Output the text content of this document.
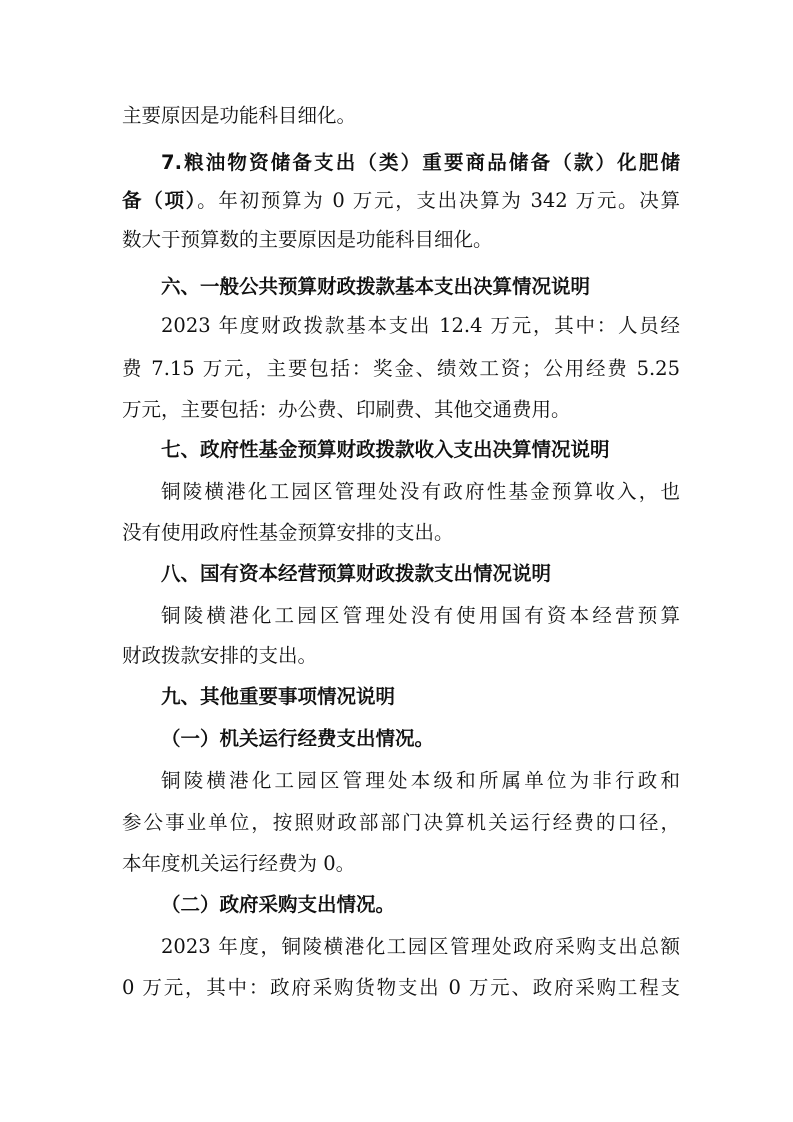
主要原因是功能科目细化。
7.粮油物资储备支出（类）重要商品储备（款）化肥储
备（项）。年初预算为 0 万元，支出决算为 342 万元。决算
数大于预算数的主要原因是功能科目细化。
六、一般公共预算财政拨款基本支出决算情况说明
2023 年度财政拨款基本支出 12.4 万元，其中：人员经
费 7.15 万元，主要包括：奖金、绩效工资；公用经费 5.25
万元，主要包括：办公费、印刷费、其他交通费用。
七、政府性基金预算财政拨款收入支出决算情况说明
铜陵横港化工园区管理处没有政府性基金预算收入，也
没有使用政府性基金预算安排的支出。
八、国有资本经营预算财政拨款支出情况说明
铜陵横港化工园区管理处没有使用国有资本经营预算
财政拨款安排的支出。
九、其他重要事项情况说明
（一）机关运行经费支出情况。
铜陵横港化工园区管理处本级和所属单位为非行政和
参公事业单位，按照财政部部门决算机关运行经费的口径，
本年度机关运行经费为 0。
（二）政府采购支出情况。
2023 年度，铜陵横港化工园区管理处政府采购支出总额
0 万元，其中：政府采购货物支出 0 万元、政府采购工程支
